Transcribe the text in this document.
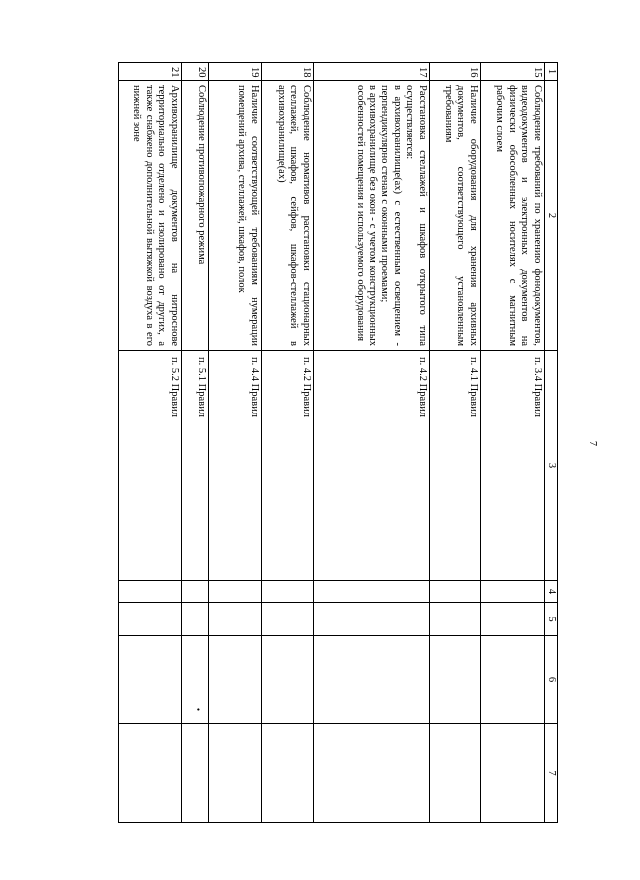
7
1	2	3	4	5	6	7
15	Соблюдение требований по хранению фонодокументов, видеодокументов и электронных документов на физически обособленных носителях с магнитным рабочим слоем	п. 3.4 Правил				
16	Наличие оборудования для хранения архивных документов, соответствующего установленным требованиям	п. 4.1 Правил				
17	Расстановка стеллажей и шкафов открытого типа осуществляется:
в архивохранилище(ах) с естественным освещением - перпендикулярно стенам с оконными проемами;
в архивохранилище без окон - с учетом конструкционных особенностей помещения и используемого оборудования	п. 4.2 Правил				
18	Соблюдение нормативов расстановки стационарных стеллажей, шкафов, сейфов, шкафов-стеллажей в архивохранилище(ах)	п. 4.2 Правил				
19	Наличие соответствующей требованиям нумерации помещений архива, стеллажей, шкафов, полок	п. 4.4 Правил				
20	Соблюдение противопожарного режима	п. 5.1 Правил			•	

21	Архивохранилище документов на нитроснове территориально отделено и изолировано от других, а также снабжено дополнительной вытяжкой воздуха в его нижней зоне	п. 5.2 Правил				
